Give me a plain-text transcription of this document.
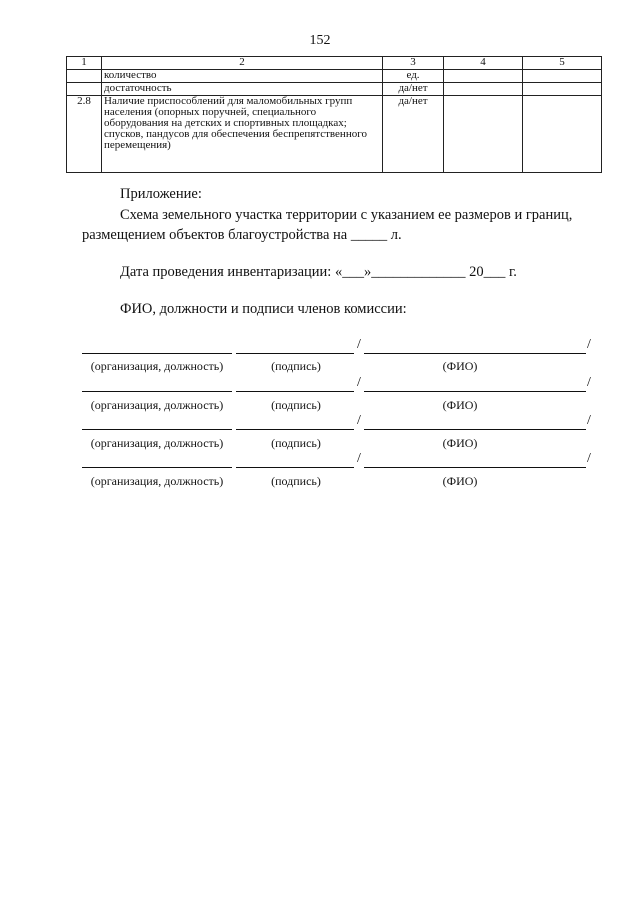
152
1	2	3	4	5
	количество	ед.		
	достаточность	да/нет		
2.8	Наличие приспособлений для маломобильных групп населения (опорных поручней, специального оборудования на детских и спортивных площадках; спусков, пандусов для обеспечения беспрепятственного перемещения)	да/нет		
Приложение:
Схема земельного участка территории с указанием ее размеров и границ,
размещением объектов благоустройства на _____ л.
Дата проведения инвентаризации: «___»_____________ 20___ г.
ФИО, должности и подписи членов комиссии:
/	/
(организация, должность)	(подпись)	(ФИО)
/	/
(организация, должность)	(подпись)	(ФИО)
/	/
(организация, должность)	(подпись)	(ФИО)
/	/
(организация, должность)	(подпись)	(ФИО)
